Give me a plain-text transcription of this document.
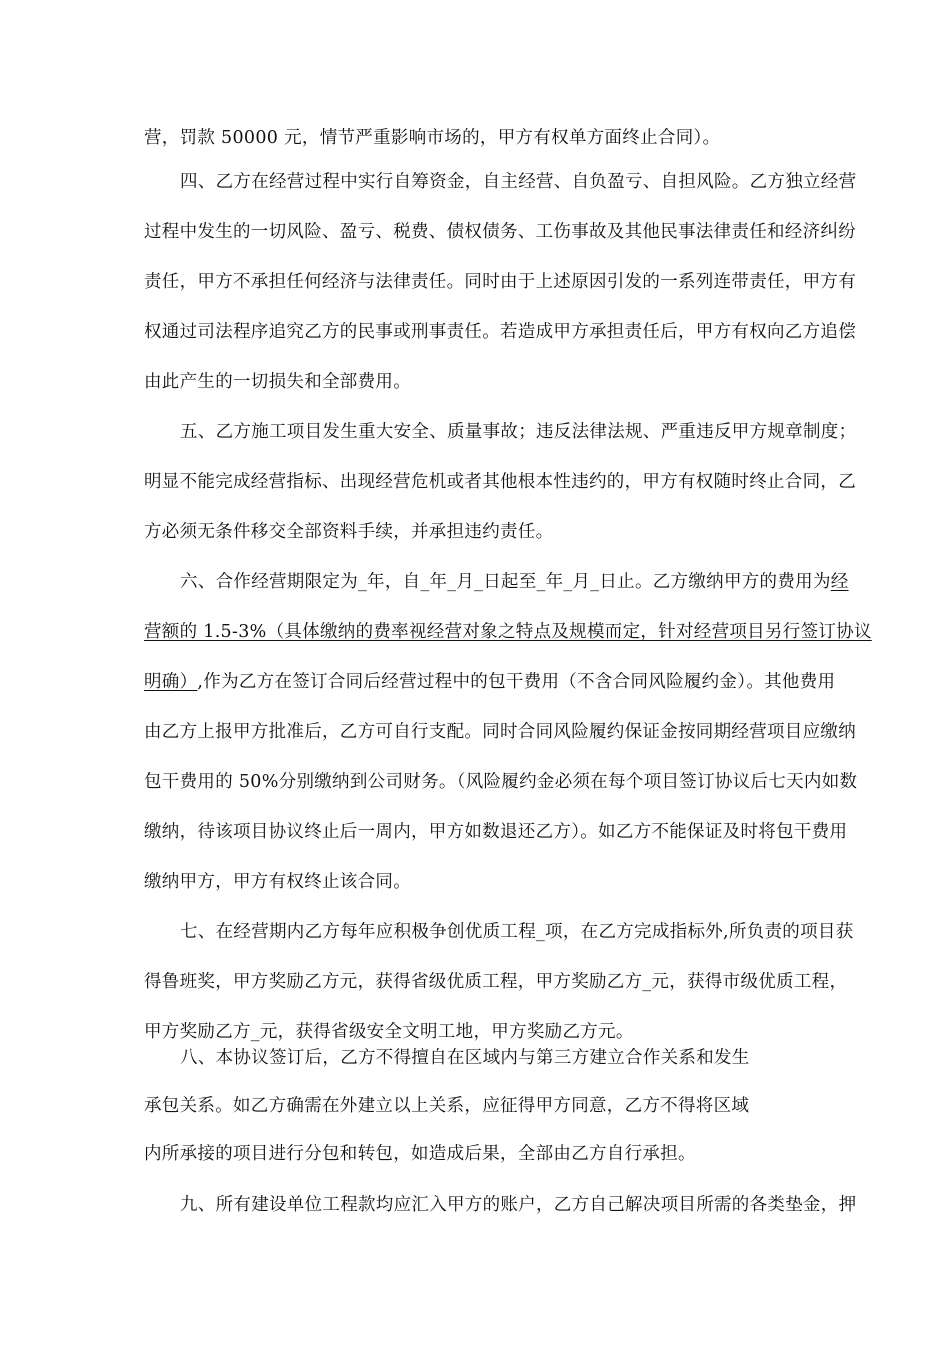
营，罚款 50000 元，情节严重影响市场的，甲方有权单方面终止合同）。

四、乙方在经营过程中实行自筹资金，自主经营、自负盈亏、自担风险。乙方独立经营

过程中发生的一切风险、盈亏、税费、债权债务、工伤事故及其他民事法律责任和经济纠纷

责任，甲方不承担任何经济与法律责任。同时由于上述原因引发的一系列连带责任，甲方有

权通过司法程序追究乙方的民事或刑事责任。若造成甲方承担责任后，甲方有权向乙方追偿

由此产生的一切损失和全部费用。

五、乙方施工项目发生重大安全、质量事故；违反法律法规、严重违反甲方规章制度；

明显不能完成经营指标、出现经营危机或者其他根本性违约的，甲方有权随时终止合同，乙

方必须无条件移交全部资料手续，并承担违约责任。

六、合作经营期限定为_年，自_年_月_日起至_年_月_日止。乙方缴纳甲方的费用为经

营额的 1.5-3%（具体缴纳的费率视经营对象之特点及规模而定，针对经营项目另行签订协议

明确）,作为乙方在签订合同后经营过程中的包干费用（不含合同风险履约金）。其他费用

由乙方上报甲方批准后，乙方可自行支配。同时合同风险履约保证金按同期经营项目应缴纳

包干费用的 50%分别缴纳到公司财务。（风险履约金必须在每个项目签订协议后七天内如数

缴纳，待该项目协议终止后一周内，甲方如数退还乙方）。如乙方不能保证及时将包干费用

缴纳甲方，甲方有权终止该合同。

七、在经营期内乙方每年应积极争创优质工程_项，在乙方完成指标外,所负责的项目获

得鲁班奖，甲方奖励乙方元，获得省级优质工程，甲方奖励乙方_元，获得市级优质工程，

甲方奖励乙方_元，获得省级安全文明工地，甲方奖励乙方元。

八、本协议签订后，乙方不得擅自在区域内与第三方建立合作关系和发生

承包关系。如乙方确需在外建立以上关系，应征得甲方同意，乙方不得将区域

内所承接的项目进行分包和转包，如造成后果，全部由乙方自行承担。

九、所有建设单位工程款均应汇入甲方的账户，乙方自己解决项目所需的各类垫金，押
